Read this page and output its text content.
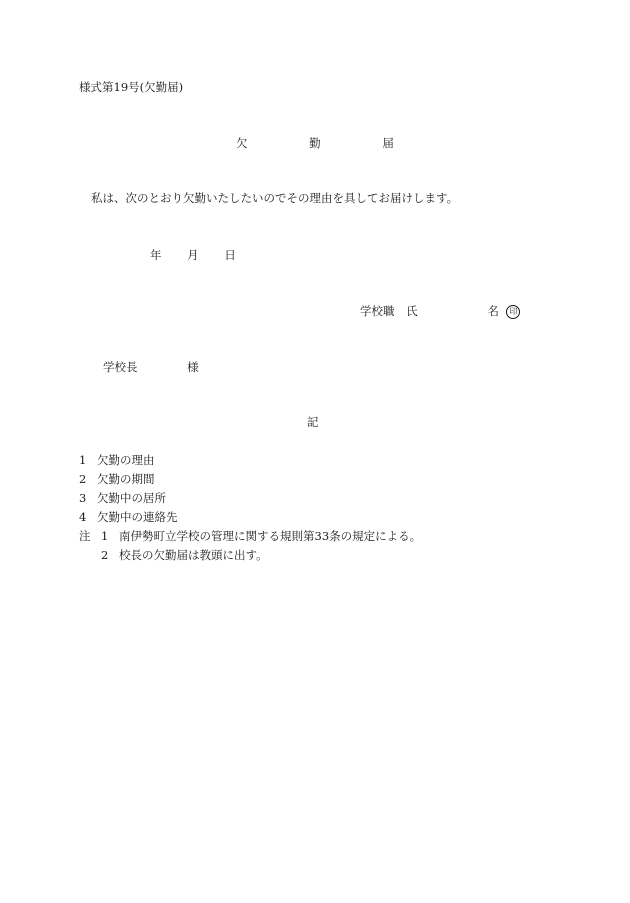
様式第19号(欠勤届)
欠	勤	届
私は、次のとおり欠勤いたしたいのでその理由を具してお届けします。
年 月 日
学校職 氏	名 印
学校長	様
記
1 欠勤の理由
2 欠勤の期間
3 欠勤中の居所
4 欠勤中の連絡先
注 1 南伊勢町立学校の管理に関する規則第33条の規定による。
2 校長の欠勤届は教頭に出す。
